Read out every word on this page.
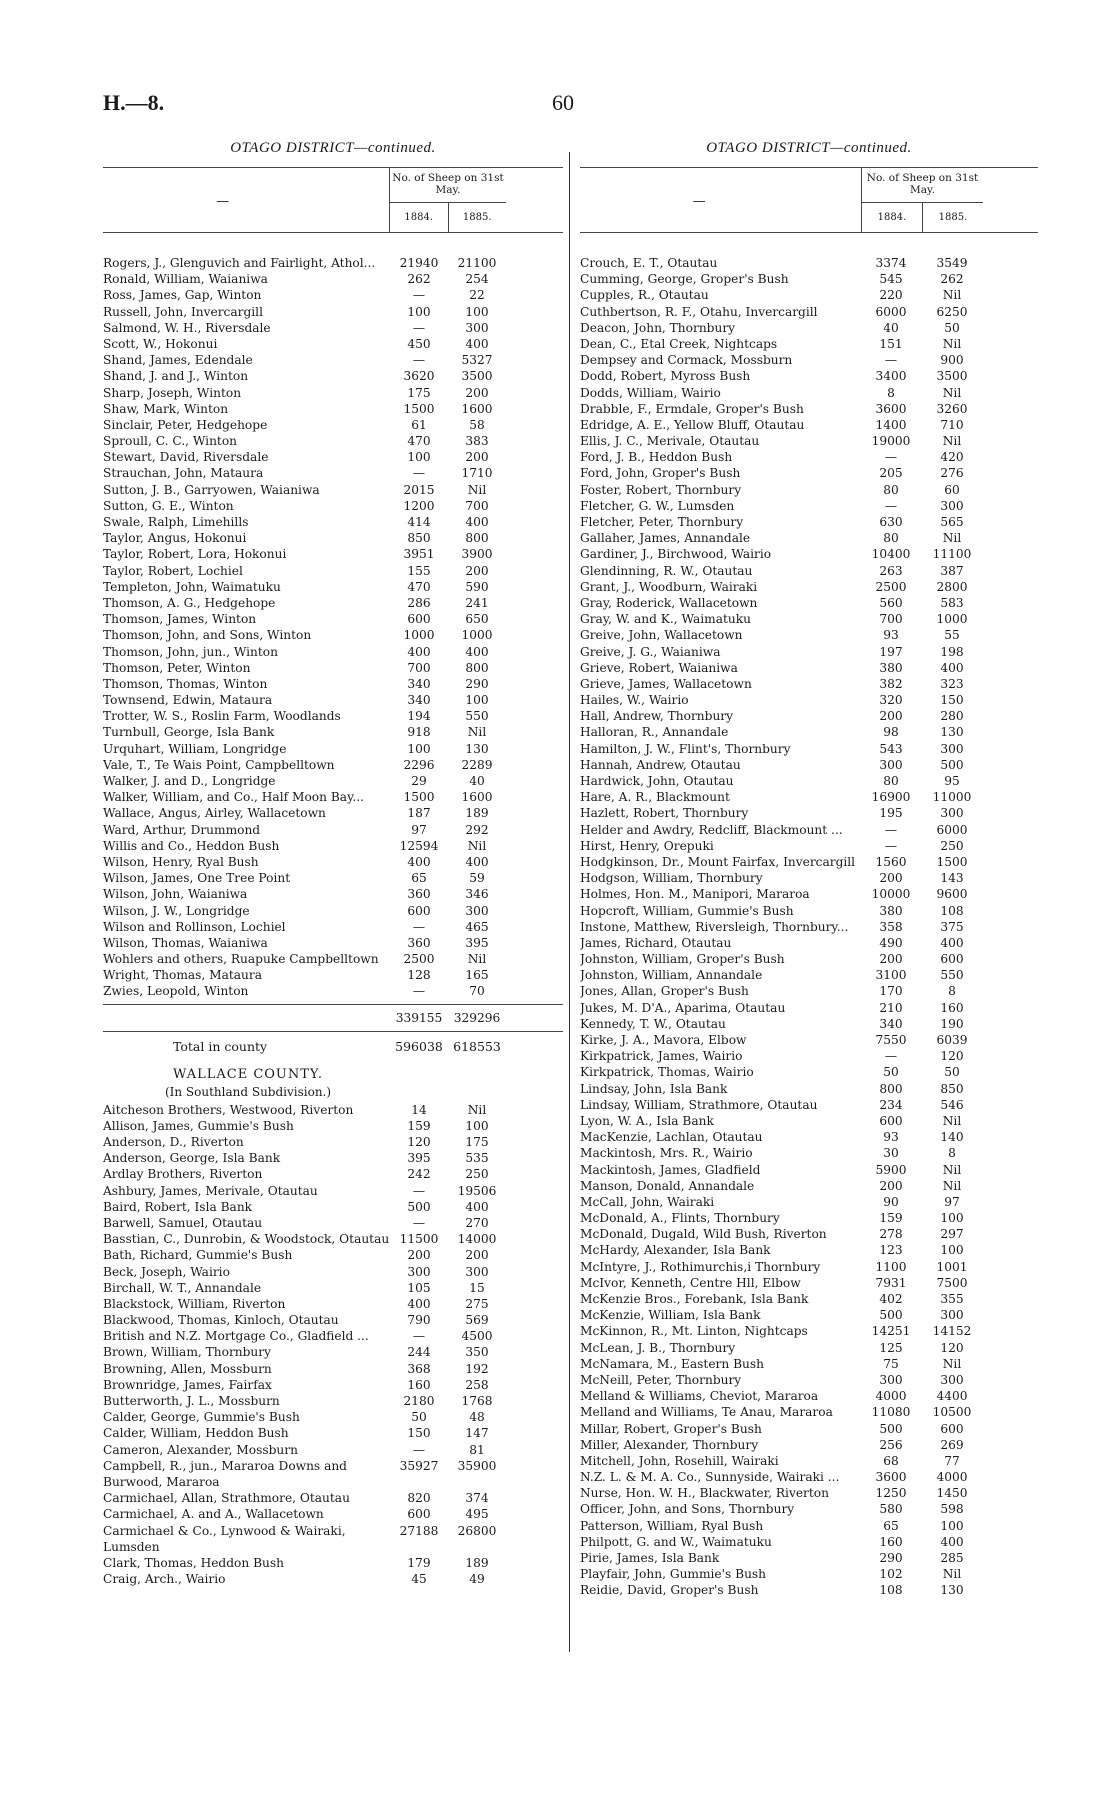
H.—8.	60
OTAGO DISTRICT—continued.
—
No. of Sheep on 31st May.
1884.	1885.
Rogers, J., Glenguvich and Fairlight, Athol...	21940	21100
Ronald, William, Waianiwa	262	254
Ross, James, Gap, Winton	—	22
Russell, John, Invercargill	100	100
Salmond, W. H., Riversdale	—	300
Scott, W., Hokonui	450	400
Shand, James, Edendale	—	5327
Shand, J. and J., Winton	3620	3500
Sharp, Joseph, Winton	175	200
Shaw, Mark, Winton	1500	1600
Sinclair, Peter, Hedgehope	61	58
Sproull, C. C., Winton	470	383
Stewart, David, Riversdale	100	200
Strauchan, John, Mataura	—	1710
Sutton, J. B., Garryowen, Waianiwa	2015	Nil
Sutton, G. E., Winton	1200	700
Swale, Ralph, Limehills	414	400
Taylor, Angus, Hokonui	850	800
Taylor, Robert, Lora, Hokonui	3951	3900
Taylor, Robert, Lochiel	155	200
Templeton, John, Waimatuku	470	590
Thomson, A. G., Hedgehope	286	241
Thomson, James, Winton	600	650
Thomson, John, and Sons, Winton	1000	1000
Thomson, John, jun., Winton	400	400
Thomson, Peter, Winton	700	800
Thomson, Thomas, Winton	340	290
Townsend, Edwin, Mataura	340	100
Trotter, W. S., Roslin Farm, Woodlands	194	550
Turnbull, George, Isla Bank	918	Nil
Urquhart, William, Longridge	100	130
Vale, T., Te Wais Point, Campbelltown	2296	2289
Walker, J. and D., Longridge	29	40
Walker, William, and Co., Half Moon Bay...	1500	1600
Wallace, Angus, Airley, Wallacetown	187	189
Ward, Arthur, Drummond	97	292
Willis and Co., Heddon Bush	12594	Nil
Wilson, Henry, Ryal Bush	400	400
Wilson, James, One Tree Point	65	59
Wilson, John, Waianiwa	360	346
Wilson, J. W., Longridge	600	300
Wilson and Rollinson, Lochiel	—	465
Wilson, Thomas, Waianiwa	360	395
Wohlers and others, Ruapuke Campbelltown	2500	Nil
Wright, Thomas, Mataura	128	165
Zwies, Leopold, Winton	—	70
339155 329296
Total in county	596038 618553
WALLACE COUNTY.
(In Southland Subdivision.)
Aitcheson Brothers, Westwood, Riverton	14	Nil
Allison, James, Gummie's Bush	159	100
Anderson, D., Riverton	120	175
Anderson, George, Isla Bank	395	535
Ardlay Brothers, Riverton	242	250
Ashbury, James, Merivale, Otautau	—	19506
Baird, Robert, Isla Bank	500	400
Barwell, Samuel, Otautau	—	270
Basstian, C., Dunrobin, & Woodstock, Otautau 11500	14000
Bath, Richard, Gummie's Bush	200	200
Beck, Joseph, Wairio	300	300
Birchall, W. T., Annandale	105	15
Blackstock, William, Riverton	400	275
Blackwood, Thomas, Kinloch, Otautau	790	569
British and N.Z. Mortgage Co., Gladfield ...	—	4500
Brown, William, Thornbury	244	350
Browning, Allen, Mossburn	368	192
Brownridge, James, Fairfax	160	258
Butterworth, J. L., Mossburn	2180	1768
Calder, George, Gummie's Bush	50	48
Calder, William, Heddon Bush	150	147
Cameron, Alexander, Mossburn	—	81
Campbell, R., jun., Mararoa Downs and	35927	35900
Burwood, Mararoa
Carmichael, Allan, Strathmore, Otautau	820	374
Carmichael, A. and A., Wallacetown	600	495
Carmichael & Co., Lynwood & Wairaki,	27188	26800
Lumsden
Clark, Thomas, Heddon Bush	179	189
Craig, Arch., Wairio	45	49
OTAGO DISTRICT—continued.
—
No. of Sheep on 31st May.
1884.	1885.
Crouch, E. T., Otautau	3374	3549
Cumming, George, Groper's Bush	545	262
Cupples, R., Otautau	220	Nil
Cuthbertson, R. F., Otahu, Invercargill	6000	6250
Deacon, John, Thornbury	40	50
Dean, C., Etal Creek, Nightcaps	151	Nil
Dempsey and Cormack, Mossburn	—	900
Dodd, Robert, Myross Bush	3400	3500
Dodds, William, Wairio	8	Nil
Drabble, F., Ermdale, Groper's Bush	3600	3260
Edridge, A. E., Yellow Bluff, Otautau	1400	710
Ellis, J. C., Merivale, Otautau	19000	Nil
Ford, J. B., Heddon Bush	—	420
Ford, John, Groper's Bush	205	276
Foster, Robert, Thornbury	80	60
Fletcher, G. W., Lumsden	—	300
Fletcher, Peter, Thornbury	630	565
Gallaher, James, Annandale	80	Nil
Gardiner, J., Birchwood, Wairio	10400	11100
Glendinning, R. W., Otautau	263	387
Grant, J., Woodburn, Wairaki	2500	2800
Gray, Roderick, Wallacetown	560	583
Gray, W. and K., Waimatuku	700	1000
Greive, John, Wallacetown	93	55
Greive, J. G., Waianiwa	197	198
Grieve, Robert, Waianiwa	380	400
Grieve, James, Wallacetown	382	323
Hailes, W., Wairio	320	150
Hall, Andrew, Thornbury	200	280
Halloran, R., Annandale	98	130
Hamilton, J. W., Flint's, Thornbury	543	300
Hannah, Andrew, Otautau	300	500
Hardwick, John, Otautau	80	95
Hare, A. R., Blackmount	16900	11000
Hazlett, Robert, Thornbury	195	300
Helder and Awdry, Redcliff, Blackmount ...	—	6000
Hirst, Henry, Orepuki	—	250
Hodgkinson, Dr., Mount Fairfax, Invercargill	1560	1500
Hodgson, William, Thornbury	200	143
Holmes, Hon. M., Manipori, Mararoa	10000	9600
Hopcroft, William, Gummie's Bush	380	108
Instone, Matthew, Riversleigh, Thornbury...	358	375
James, Richard, Otautau	490	400
Johnston, William, Groper's Bush	200	600
Johnston, William, Annandale	3100	550
Jones, Allan, Groper's Bush	170	8
Jukes, M. D'A., Aparima, Otautau	210	160
Kennedy, T. W., Otautau	340	190
Kirke, J. A., Mavora, Elbow	7550	6039
Kirkpatrick, James, Wairio	—	120
Kirkpatrick, Thomas, Wairio	50	50
Lindsay, John, Isla Bank	800	850
Lindsay, William, Strathmore, Otautau	234	546
Lyon, W. A., Isla Bank	600	Nil
MacKenzie, Lachlan, Otautau	93	140
Mackintosh, Mrs. R., Wairio	30	8
Mackintosh, James, Gladfield	5900	Nil
Manson, Donald, Annandale	200	Nil
McCall, John, Wairaki	90	97
McDonald, A., Flints, Thornbury	159	100
McDonald, Dugald, Wild Bush, Riverton	278	297
McHardy, Alexander, Isla Bank	123	100
McIntyre, J., Rothimurchis,i Thornbury	1100	1001
McIvor, Kenneth, Centre Hll, Elbow	7931	7500
McKenzie Bros., Forebank, Isla Bank	402	355
McKenzie, William, Isla Bank	500	300
McKinnon, R., Mt. Linton, Nightcaps	14251	14152
McLean, J. B., Thornbury	125	120
McNamara, M., Eastern Bush	75	Nil
McNeill, Peter, Thornbury	300	300
Melland & Williams, Cheviot, Mararoa	4000	4400
Melland and Williams, Te Anau, Mararoa	11080	10500
Millar, Robert, Groper's Bush	500	600
Miller, Alexander, Thornbury	256	269
Mitchell, John, Rosehill, Wairaki	68	77
N.Z. L. & M. A. Co., Sunnyside, Wairaki ...	3600	4000
Nurse, Hon. W. H., Blackwater, Riverton	1250	1450
Officer, John, and Sons, Thornbury	580	598
Patterson, William, Ryal Bush	65	100
Philpott, G. and W., Waimatuku	160	400
Pirie, James, Isla Bank	290	285
Playfair, John, Gummie's Bush	102	Nil
Reidie, David, Groper's Bush	108	130
